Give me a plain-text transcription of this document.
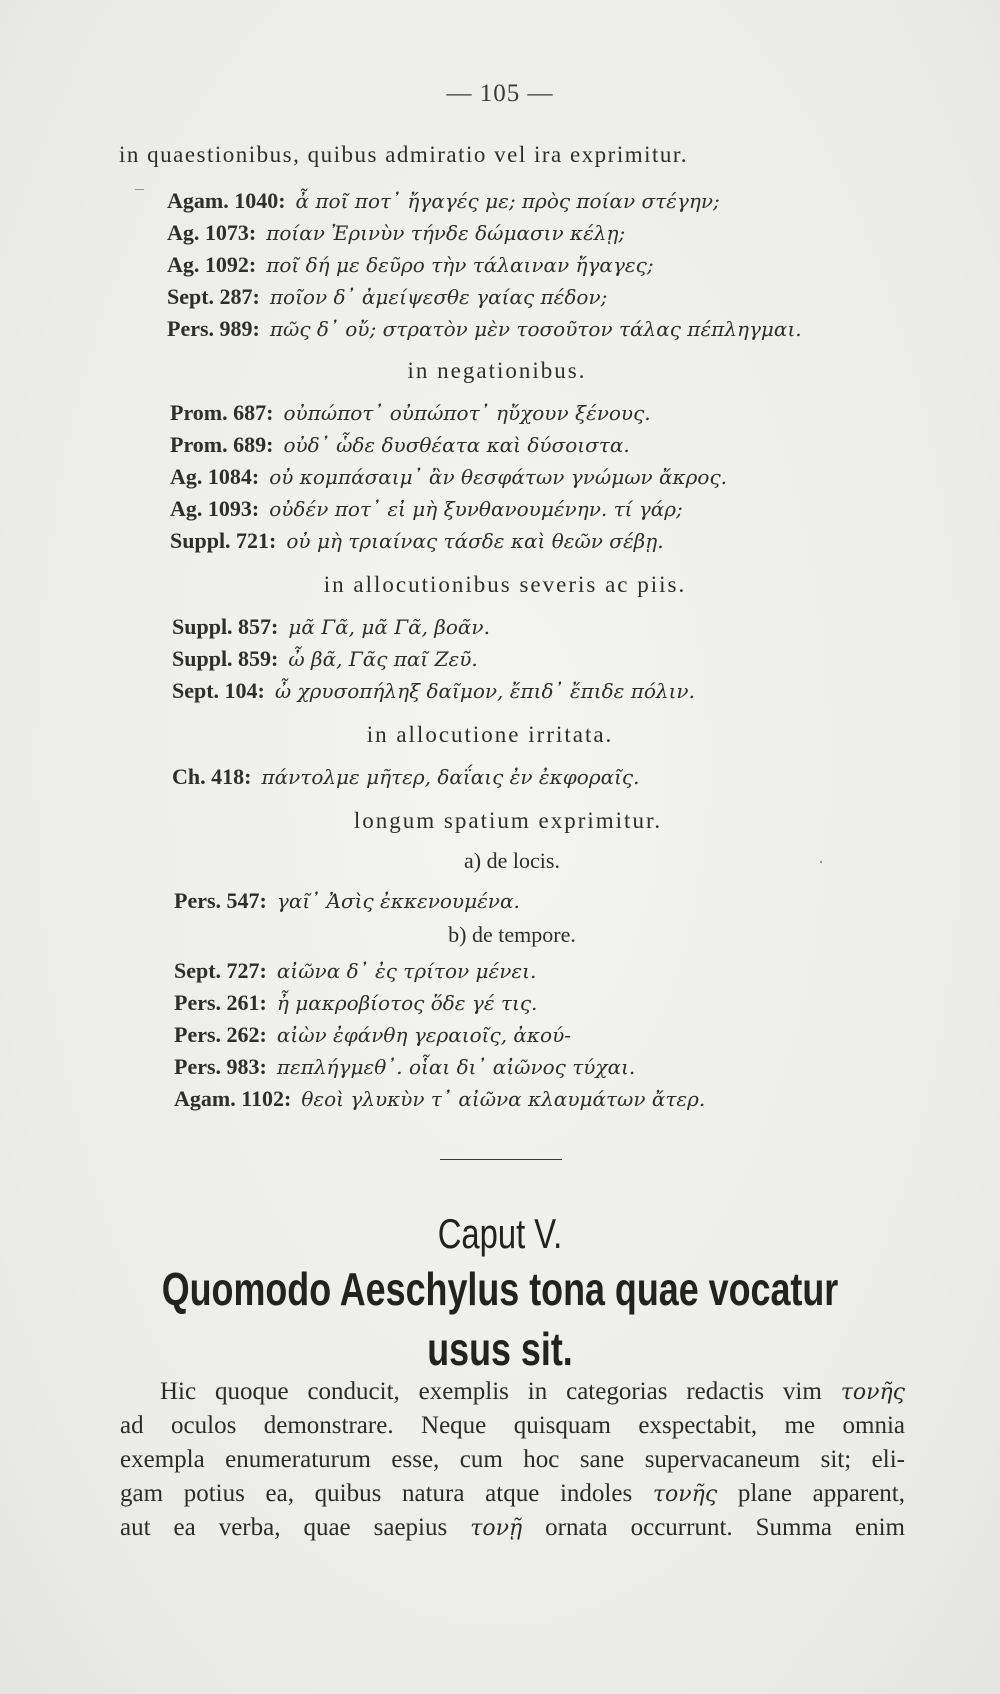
— 105 —
in quaestionibus, quibus admiratio vel ira exprimitur.
– Agam. 1040: ἆ ποῖ ποτ᾽ ἤγαγές με; πρὸς ποίαν στέγην;
Ag. 1073: ποίαν Ἐρινὺν τήνδε δώμασιν κέλῃ;
Ag. 1092: ποῖ δή με δεῦρο τὴν τάλαιναν ἤγαγες;
Sept. 287: ποῖον δ᾽ ἀμείψεσθε γαίας πέδον;
Pers. 989: πῶς δ᾽ οὔ; στρατὸν μὲν τοσοῦτον τάλας πέπληγμαι.
in negationibus.
Prom. 687: οὐπώποτ᾽ οὐπώποτ᾽ ηὔχουν ξένους.
Prom. 689: οὐδ᾽ ὧδε δυσθέατα καὶ δύσοιστα.
Ag. 1084: οὐ κομπάσαιμ᾽ ἂν θεσφάτων γνώμων ἄκρος.
Ag. 1093: οὐδέν ποτ᾽ εἰ μὴ ξυνθανουμένην. τί γάρ;
Suppl. 721: οὐ μὴ τριαίνας τάσδε καὶ θεῶν σέβῃ.
in allocutionibus severis ac piis.
Suppl. 857: μᾶ Γᾶ, μᾶ Γᾶ, βοᾶν.
Suppl. 859: ὦ βᾶ, Γᾶς παῖ Ζεῦ.
Sept. 104: ὦ χρυσοπήληξ δαῖμον, ἔπιδ᾽ ἔπιδε πόλιν.
in allocutione irritata.
Ch. 418: πάντολμε μῆτερ, δαΐαις ἐν ἐκφοραῖς.
longum spatium exprimitur.
a) de locis.	·
Pers. 547: γαῖ᾽ Ἀσὶς ἐκκενουμένα.
b) de tempore.
Sept. 727: αἰῶνα δ᾽ ἐς τρίτον μένει.
Pers. 261: ἦ μακροβίοτος ὅδε γέ τις.
Pers. 262: αἰὼν ἐφάνθη γεραιοῖς, ἀκού-
Pers. 983: πεπλήγμεθ᾽. οἷαι δι᾽ αἰῶνος τύχαι.
Agam. 1102: θεοὶ γλυκὺν τ᾽ αἰῶνα κλαυμάτων ἄτερ.
Caput V.
Quomodo Aeschylus tona quae vocatur
usus sit.
Hic quoque conducit, exemplis in categorias redactis vim τονῆς
ad oculos demonstrare. Neque quisquam exspectabit, me omnia
exempla enumeraturum esse, cum hoc sane supervacaneum sit; eli-
gam potius ea, quibus natura atque indoles τονῆς plane apparent,
aut ea verba, quae saepius τονῇ ornata occurrunt. Summa enim
